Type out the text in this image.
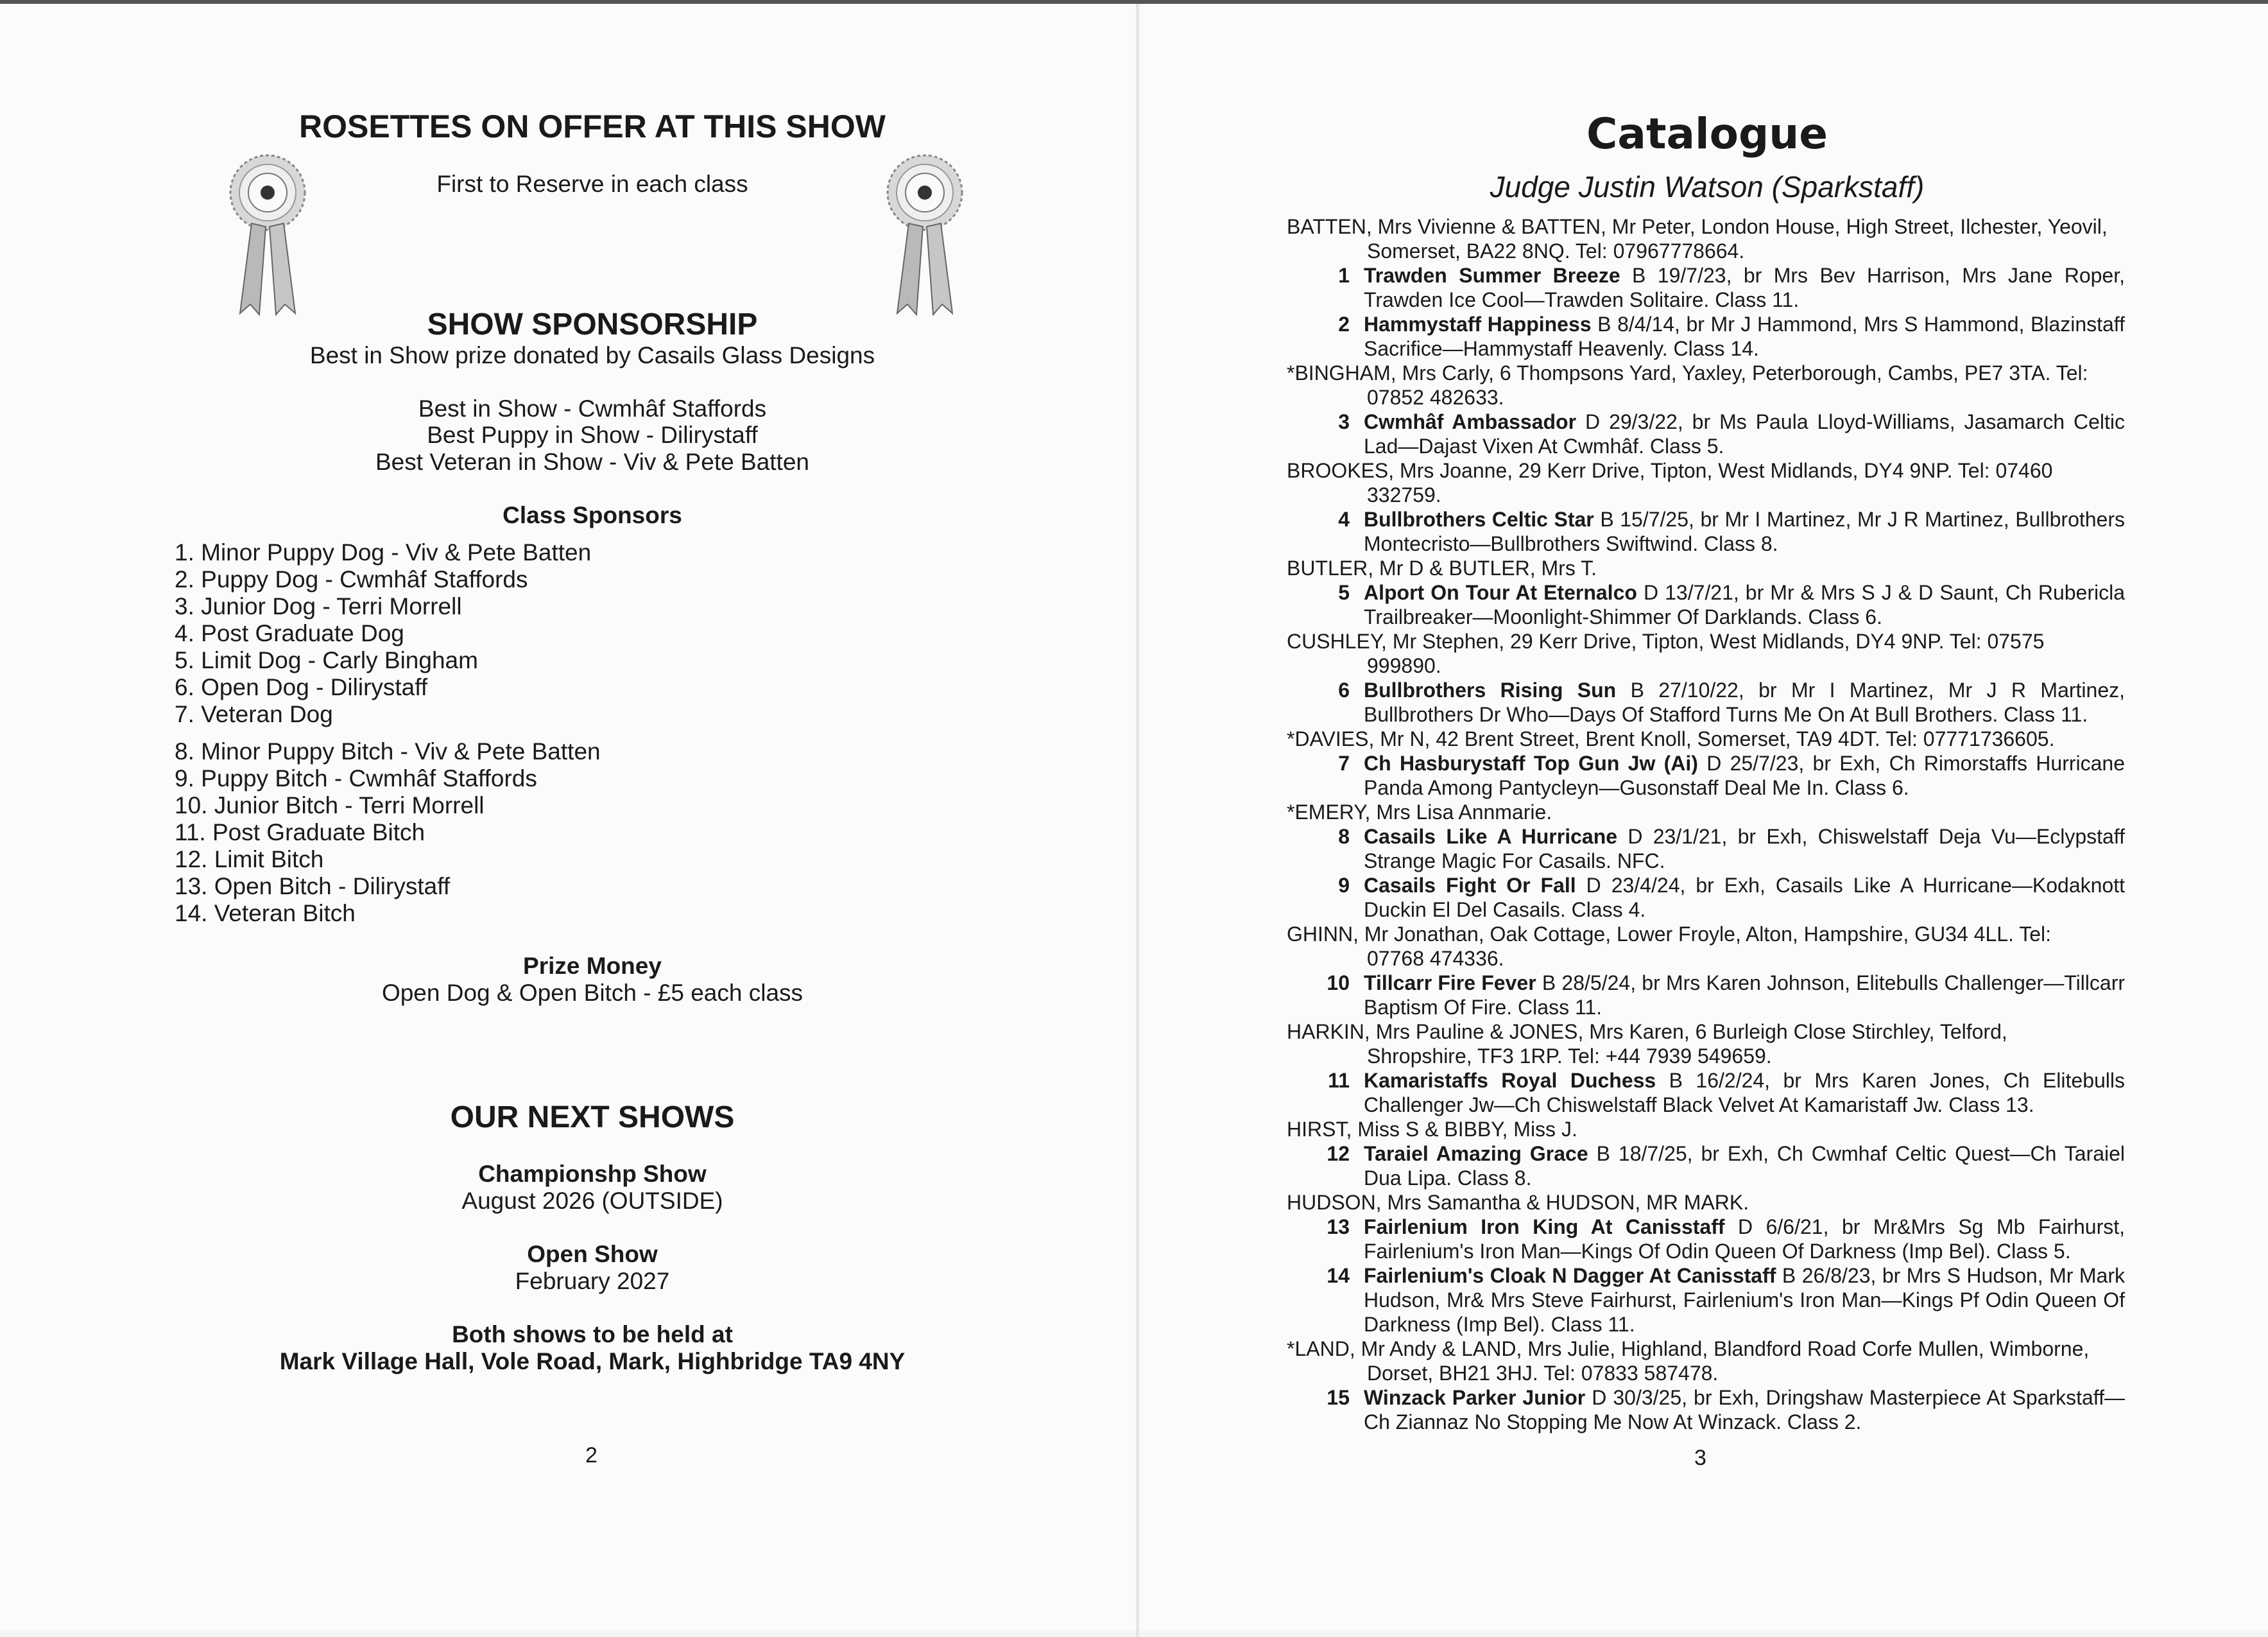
ROSETTES ON OFFER AT THIS SHOW
First to Reserve in each class
SHOW SPONSORSHIP
Best in Show prize donated by Casails Glass Designs
Best in Show - Cwmhâf Staffords
Best Puppy in Show - Dilirystaff
Best Veteran in Show - Viv & Pete Batten
Class Sponsors
1. Minor Puppy Dog - Viv & Pete Batten
2. Puppy Dog - Cwmhâf Staffords
3. Junior Dog - Terri Morrell
4. Post Graduate Dog
5. Limit Dog - Carly Bingham
6. Open Dog - Dilirystaff
7. Veteran Dog
8. Minor Puppy Bitch - Viv & Pete Batten
9. Puppy Bitch - Cwmhâf Staffords
10. Junior Bitch - Terri Morrell
11. Post Graduate Bitch
12. Limit Bitch
13. Open Bitch - Dilirystaff
14. Veteran Bitch
Prize Money
Open Dog & Open Bitch - £5 each class
OUR NEXT SHOWS
Championshp Show
August 2026 (OUTSIDE)
Open Show
February 2027
Both shows to be held at
Mark Village Hall, Vole Road, Mark, Highbridge TA9 4NY
2
Catalogue
Judge Justin Watson (Sparkstaff)
BATTEN, Mrs Vivienne & BATTEN, Mr Peter, London House, High Street, Ilchester, Yeovil,
Somerset, BA22 8NQ. Tel: 07967778664.
1 Trawden Summer Breeze B 19/7/23, br Mrs Bev Harrison, Mrs Jane Roper, Trawden Ice Cool—Trawden Solitaire. Class 11.
2 Hammystaff Happiness B 8/4/14, br Mr J Hammond, Mrs S Hammond, Blazinstaff Sacrifice—Hammystaff Heavenly. Class 14.
*BINGHAM, Mrs Carly, 6 Thompsons Yard, Yaxley, Peterborough, Cambs, PE7 3TA. Tel:
07852 482633.
3 Cwmhâf Ambassador D 29/3/22, br Ms Paula Lloyd-Williams, Jasamarch Celtic Lad—Dajast Vixen At Cwmhâf. Class 5.
BROOKES, Mrs Joanne, 29 Kerr Drive, Tipton, West Midlands, DY4 9NP. Tel: 07460
332759.
4 Bullbrothers Celtic Star B 15/7/25, br Mr I Martinez, Mr J R Martinez, Bullbrothers Montecristo—Bullbrothers Swiftwind. Class 8.
BUTLER, Mr D & BUTLER, Mrs T.
5 Alport On Tour At Eternalco D 13/7/21, br Mr & Mrs S J & D Saunt, Ch Rubericla Trailbreaker—Moonlight-Shimmer Of Darklands. Class 6.
CUSHLEY, Mr Stephen, 29 Kerr Drive, Tipton, West Midlands, DY4 9NP. Tel: 07575
999890.
6 Bullbrothers Rising Sun B 27/10/22, br Mr I Martinez, Mr J R Martinez, Bullbrothers Dr Who—Days Of Stafford Turns Me On At Bull Brothers. Class 11.
*DAVIES, Mr N, 42 Brent Street, Brent Knoll, Somerset, TA9 4DT. Tel: 07771736605.
7 Ch Hasburystaff Top Gun Jw (Ai) D 25/7/23, br Exh, Ch Rimorstaffs Hurricane Panda Among Pantycleyn—Gusonstaff Deal Me In. Class 6.
*EMERY, Mrs Lisa Annmarie.
8 Casails Like A Hurricane D 23/1/21, br Exh, Chiswelstaff Deja Vu—Eclypstaff Strange Magic For Casails. NFC.
9 Casails Fight Or Fall D 23/4/24, br Exh, Casails Like A Hurricane—Kodaknott Duckin El Del Casails. Class 4.
GHINN, Mr Jonathan, Oak Cottage, Lower Froyle, Alton, Hampshire, GU34 4LL. Tel:
07768 474336.
10 Tillcarr Fire Fever B 28/5/24, br Mrs Karen Johnson, Elitebulls Challenger—Tillcarr Baptism Of Fire. Class 11.
HARKIN, Mrs Pauline & JONES, Mrs Karen, 6 Burleigh Close Stirchley, Telford,
Shropshire, TF3 1RP. Tel: +44 7939 549659.
11 Kamaristaffs Royal Duchess B 16/2/24, br Mrs Karen Jones, Ch Elitebulls Challenger Jw—Ch Chiswelstaff Black Velvet At Kamaristaff Jw. Class 13.
HIRST, Miss S & BIBBY, Miss J.
12 Taraiel Amazing Grace B 18/7/25, br Exh, Ch Cwmhaf Celtic Quest—Ch Taraiel Dua Lipa. Class 8.
HUDSON, Mrs Samantha & HUDSON, MR MARK.
13 Fairlenium Iron King At Canisstaff D 6/6/21, br Mr&Mrs Sg Mb Fairhurst, Fairlenium's Iron Man—Kings Of Odin Queen Of Darkness (Imp Bel). Class 5.
14 Fairlenium's Cloak N Dagger At Canisstaff B 26/8/23, br Mrs S Hudson, Mr Mark Hudson, Mr& Mrs Steve Fairhurst, Fairlenium's Iron Man—Kings Pf Odin Queen Of Darkness (Imp Bel). Class 11.
*LAND, Mr Andy & LAND, Mrs Julie, Highland, Blandford Road Corfe Mullen, Wimborne,
Dorset, BH21 3HJ. Tel: 07833 587478.
15 Winzack Parker Junior D 30/3/25, br Exh, Dringshaw Masterpiece At Sparkstaff—Ch Ziannaz No Stopping Me Now At Winzack. Class 2.
3
